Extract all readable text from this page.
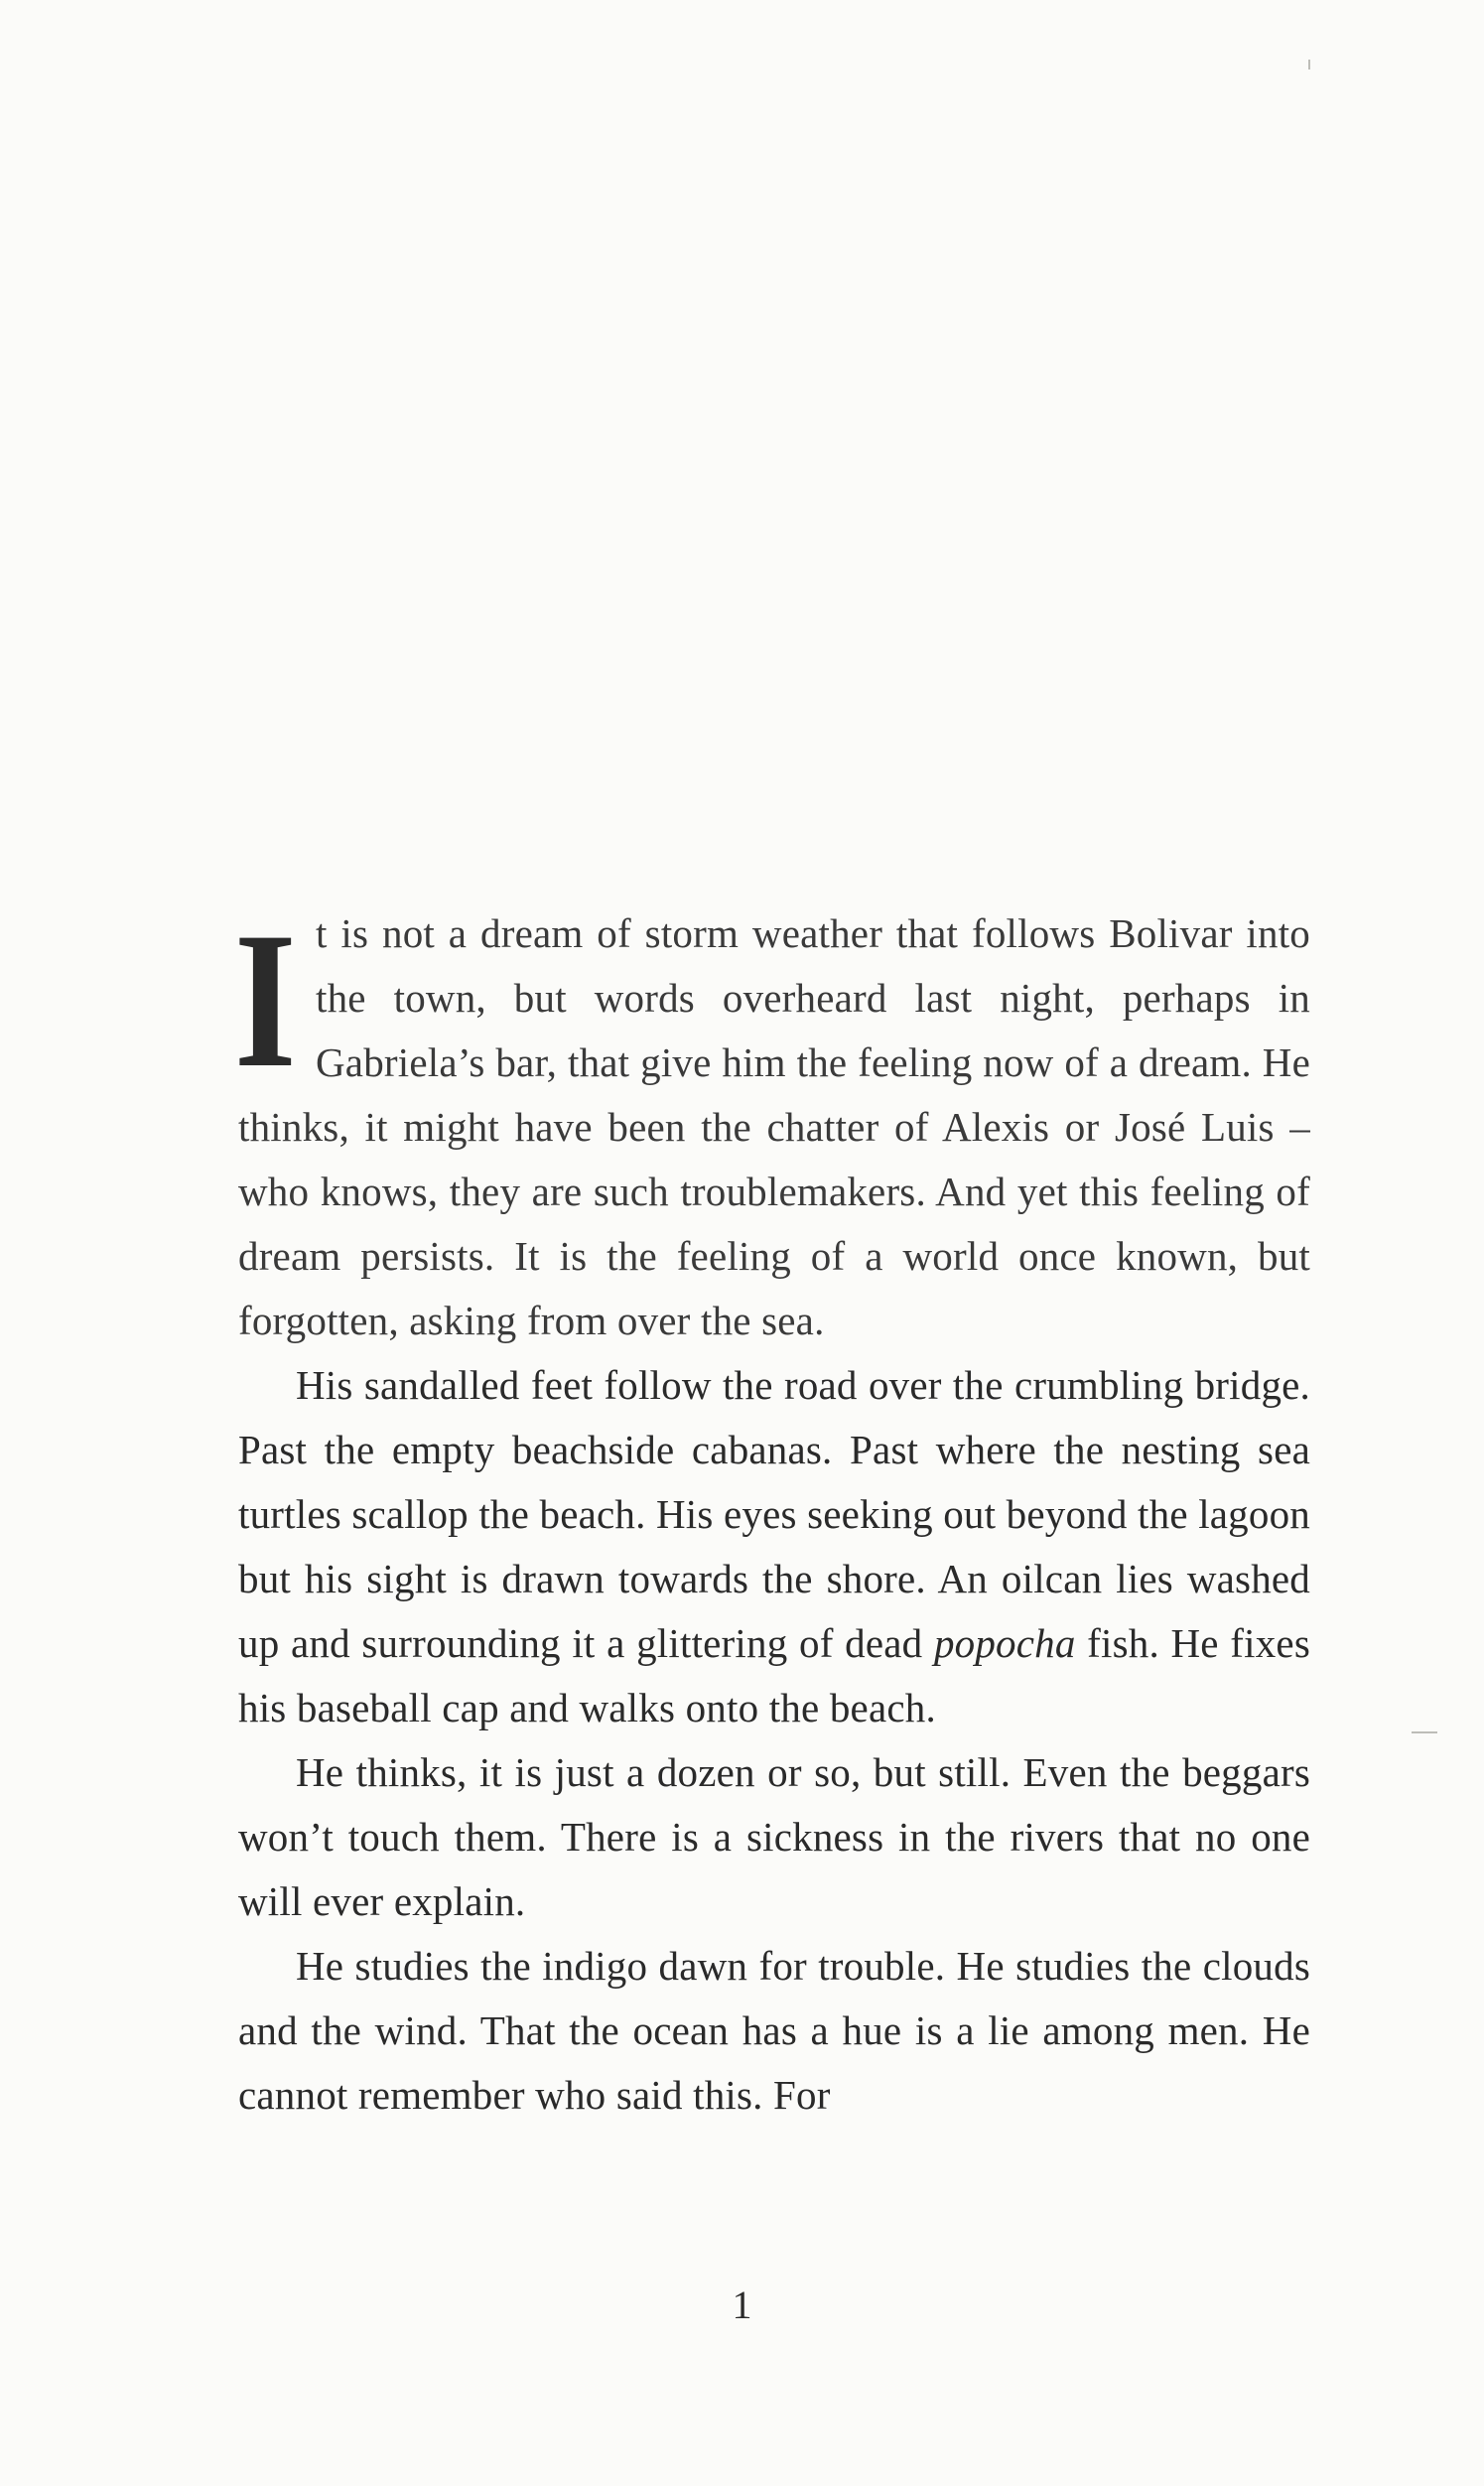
I t is not a dream of storm weather that follows Bolivar into the town, but words overheard last night, perhaps in Gabriela’s bar, that give him the feeling now of a dream. He thinks, it might have been the chatter of Alexis or José Luis – who knows, they are such troublemakers. And yet this feeling of dream persists. It is the feeling of a world once known, but forgotten, asking from over the sea.

His sandalled feet follow the road over the crumbling bridge. Past the empty beachside cabanas. Past where the nesting sea turtles scallop the beach. His eyes seeking out beyond the lagoon but his sight is drawn towards the shore. An oilcan lies washed up and surrounding it a glittering of dead popocha fish. He fixes his baseball cap and walks onto the beach.

He thinks, it is just a dozen or so, but still. Even the beggars won’t touch them. There is a sickness in the rivers that no one will ever explain.

He studies the indigo dawn for trouble. He studies the clouds and the wind. That the ocean has a hue is a lie among men. He cannot remember who said this. For

1
